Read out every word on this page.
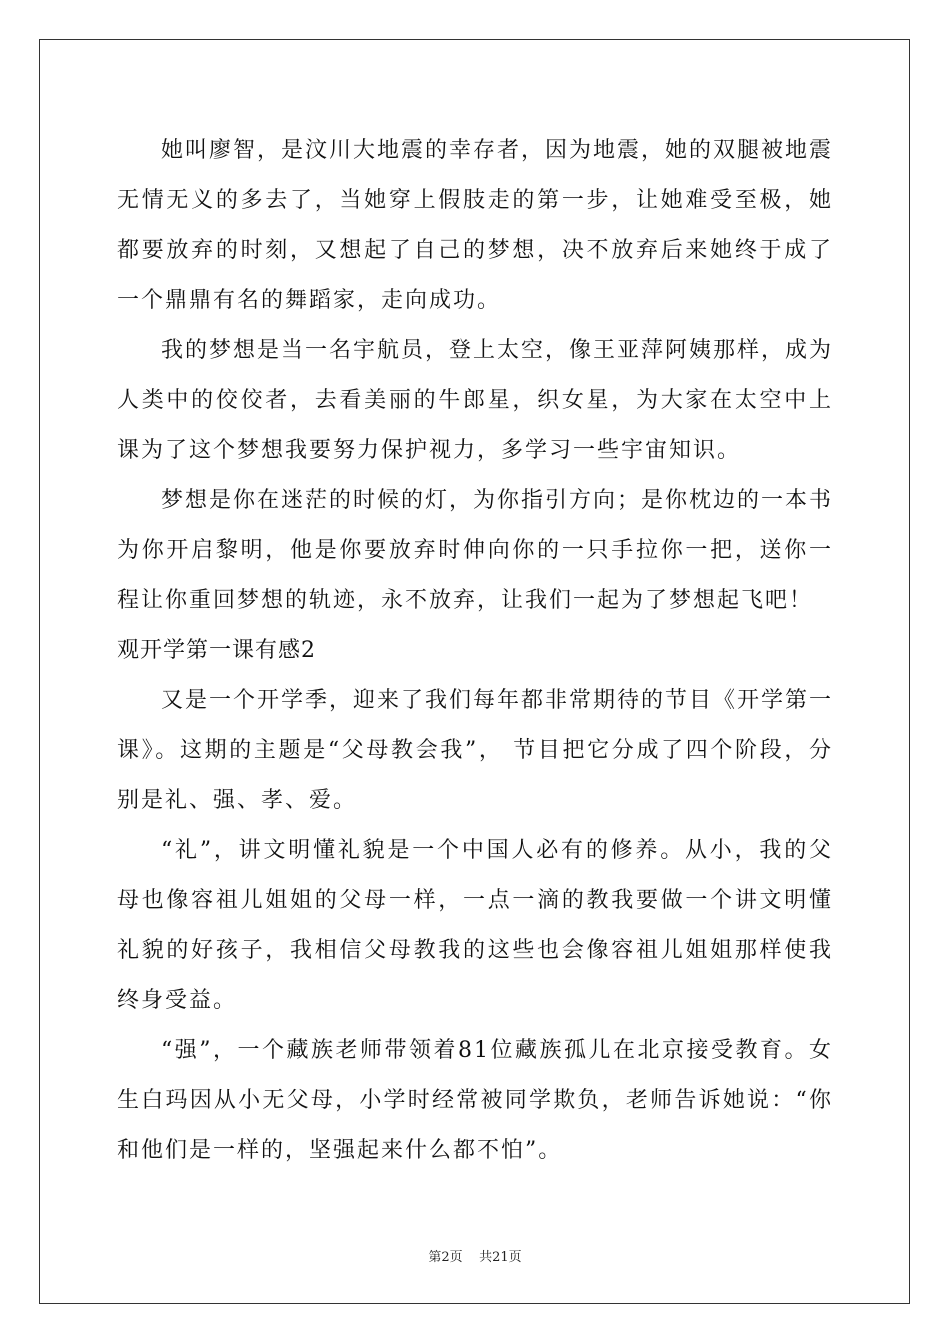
她叫廖智，是汶川大地震的幸存者，因为地震，她的双腿被地震无情无义的多去了，当她穿上假肢走的第一步，让她难受至极，她都要放弃的时刻，又想起了自己的梦想，决不放弃后来她终于成了一个鼎鼎有名的舞蹈家，走向成功。

我的梦想是当一名宇航员，登上太空，像王亚萍阿姨那样，成为人类中的佼佼者，去看美丽的牛郎星，织女星，为大家在太空中上课为了这个梦想我要努力保护视力，多学习一些宇宙知识。

梦想是你在迷茫的时候的灯，为你指引方向；是你枕边的一本书为你开启黎明，他是你要放弃时伸向你的一只手拉你一把，送你一程让你重回梦想的轨迹，永不放弃，让我们一起为了梦想起飞吧！

观开学第一课有感2

又是一个开学季，迎来了我们每年都非常期待的节目《开学第一课》。这期的主题是“父母教会我”， 节目把它分成了四个阶段，分别是礼、强、孝、爱。

“礼”，讲文明懂礼貌是一个中国人必有的修养。从小，我的父母也像容祖儿姐姐的父母一样，一点一滴的教我要做一个讲文明懂礼貌的好孩子，我相信父母教我的这些也会像容祖儿姐姐那样使我终身受益。

“强”，一个藏族老师带领着81位藏族孤儿在北京接受教育。女生白玛因从小无父母，小学时经常被同学欺负，老师告诉她说：“你和他们是一样的，坚强起来什么都不怕”。

第2页 共21页
